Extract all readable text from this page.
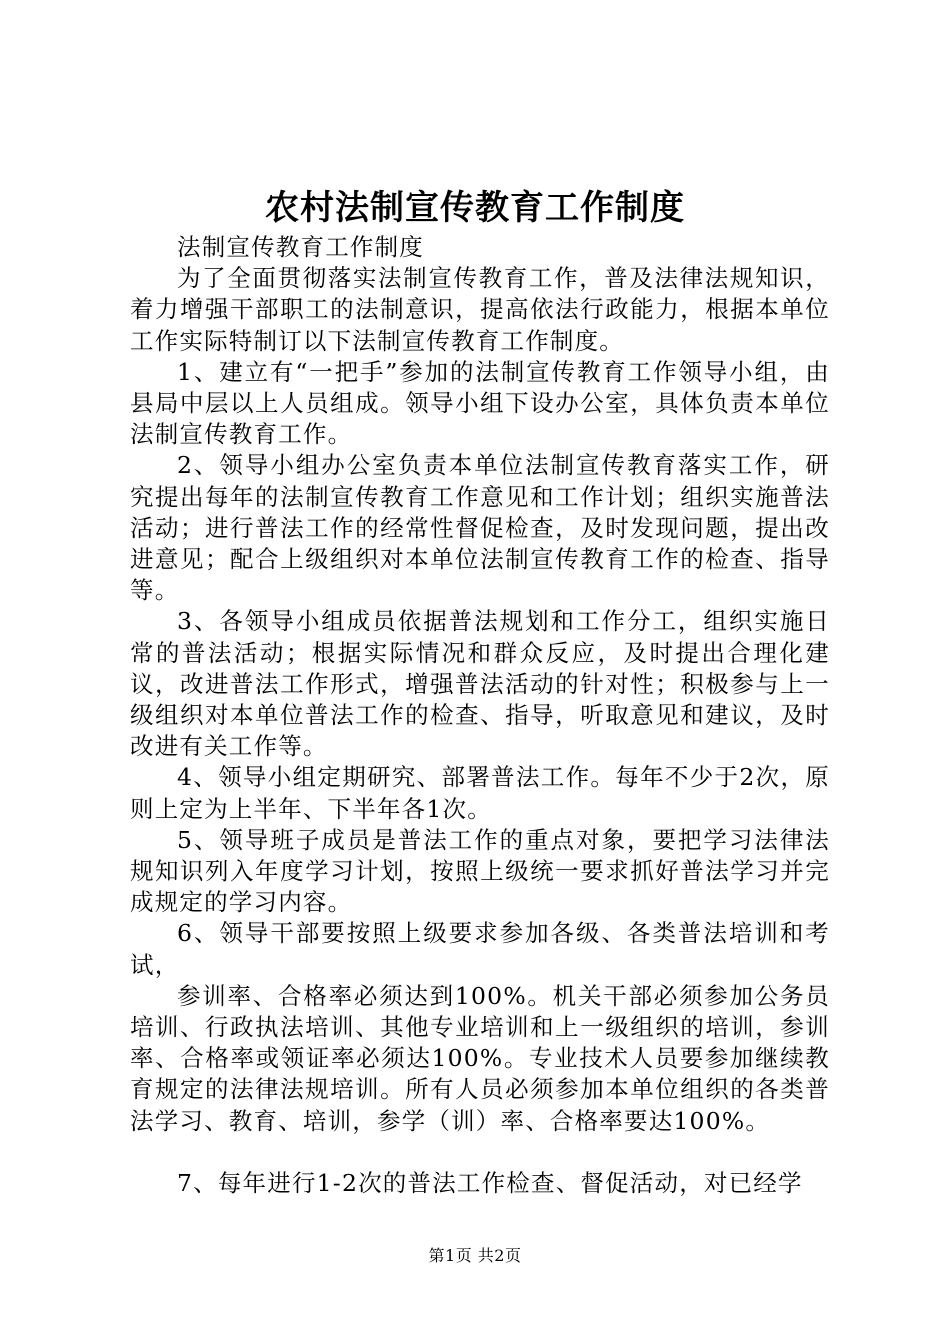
农村法制宣传教育工作制度

法制宣传教育工作制度

为了全面贯彻落实法制宣传教育工作，普及法律法规知识，着力增强干部职工的法制意识，提高依法行政能力，根据本单位工作实际特制订以下法制宣传教育工作制度。

1、建立有“一把手”参加的法制宣传教育工作领导小组，由县局中层以上人员组成。领导小组下设办公室，具体负责本单位法制宣传教育工作。

2、领导小组办公室负责本单位法制宣传教育落实工作，研究提出每年的法制宣传教育工作意见和工作计划；组织实施普法活动；进行普法工作的经常性督促检查，及时发现问题，提出改进意见；配合上级组织对本单位法制宣传教育工作的检查、指导等。

3、各领导小组成员依据普法规划和工作分工，组织实施日常的普法活动；根据实际情况和群众反应，及时提出合理化建议，改进普法工作形式，增强普法活动的针对性；积极参与上一级组织对本单位普法工作的检查、指导，听取意见和建议，及时改进有关工作等。

4、领导小组定期研究、部署普法工作。每年不少于2次，原则上定为上半年、下半年各1次。

5、领导班子成员是普法工作的重点对象，要把学习法律法规知识列入年度学习计划，按照上级统一要求抓好普法学习并完成规定的学习内容。

6、领导干部要按照上级要求参加各级、各类普法培训和考试，

参训率、合格率必须达到100%。机关干部必须参加公务员培训、行政执法培训、其他专业培训和上一级组织的培训，参训率、合格率或领证率必须达100%。专业技术人员要参加继续教育规定的法律法规培训。所有人员必须参加本单位组织的各类普法学习、教育、培训，参学（训）率、合格率要达100%。

7、每年进行1-2次的普法工作检查、督促活动，对已经学

第1页 共2页
